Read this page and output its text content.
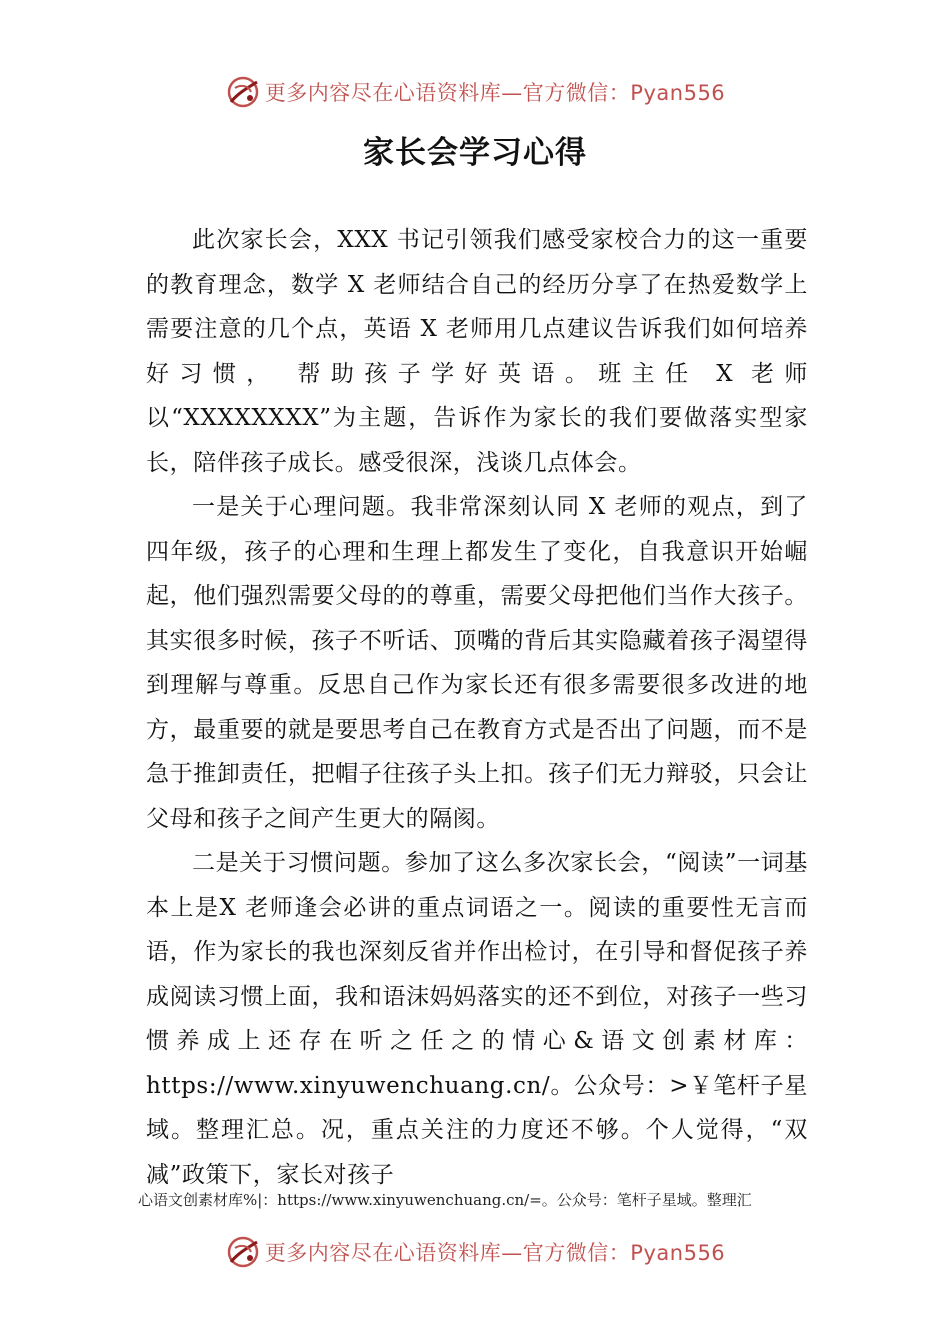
更多内容尽在心语资料库—官方微信：Pyan556
家长会学习心得

此次家长会，XXX 书记引领我们感受家校合力的这一重要的教育理念，数学 X 老师结合自己的经历分享了在热爱数学上需要注意的几个点，英语 X 老师用几点建议告诉我们如何培养好习惯， 帮助孩子学好英语。班主任 X 老师以“XXXXXXXX”为主题，告诉作为家长的我们要做落实型家长，陪伴孩子成长。感受很深，浅谈几点体会。

一是关于心理问题。我非常深刻认同 X 老师的观点，到了四年级，孩子的心理和生理上都发生了变化，自我意识开始崛起，他们强烈需要父母的的尊重，需要父母把他们当作大孩子。其实很多时候，孩子不听话、顶嘴的背后其实隐藏着孩子渴望得到理解与尊重。反思自己作为家长还有很多需要很多改进的地方，最重要的就是要思考自己在教育方式是否出了问题，而不是急于推卸责任，把帽子往孩子头上扣。孩子们无力辩驳，只会让父母和孩子之间产生更大的隔阂。

二是关于习惯问题。参加了这么多次家长会，“阅读”一词基本上是X 老师逢会必讲的重点词语之一。阅读的重要性无言而语，作为家长的我也深刻反省并作出检讨，在引导和督促孩子养成阅读习惯上面，我和语沫妈妈落实的还不到位，对孩子一些习惯养成上还存在听之任之的情心&语文创素材库：https://www.xinyuwenchuang.cn/。公众号：>￥笔杆子星域。整理汇总。况，重点关注的力度还不够。个人觉得，“双减”政策下，家长对孩子

心语文创素材库%|：https://www.xinyuwenchuang.cn/=。公众号：笔杆子星域。整理汇
更多内容尽在心语资料库—官方微信：Pyan556
